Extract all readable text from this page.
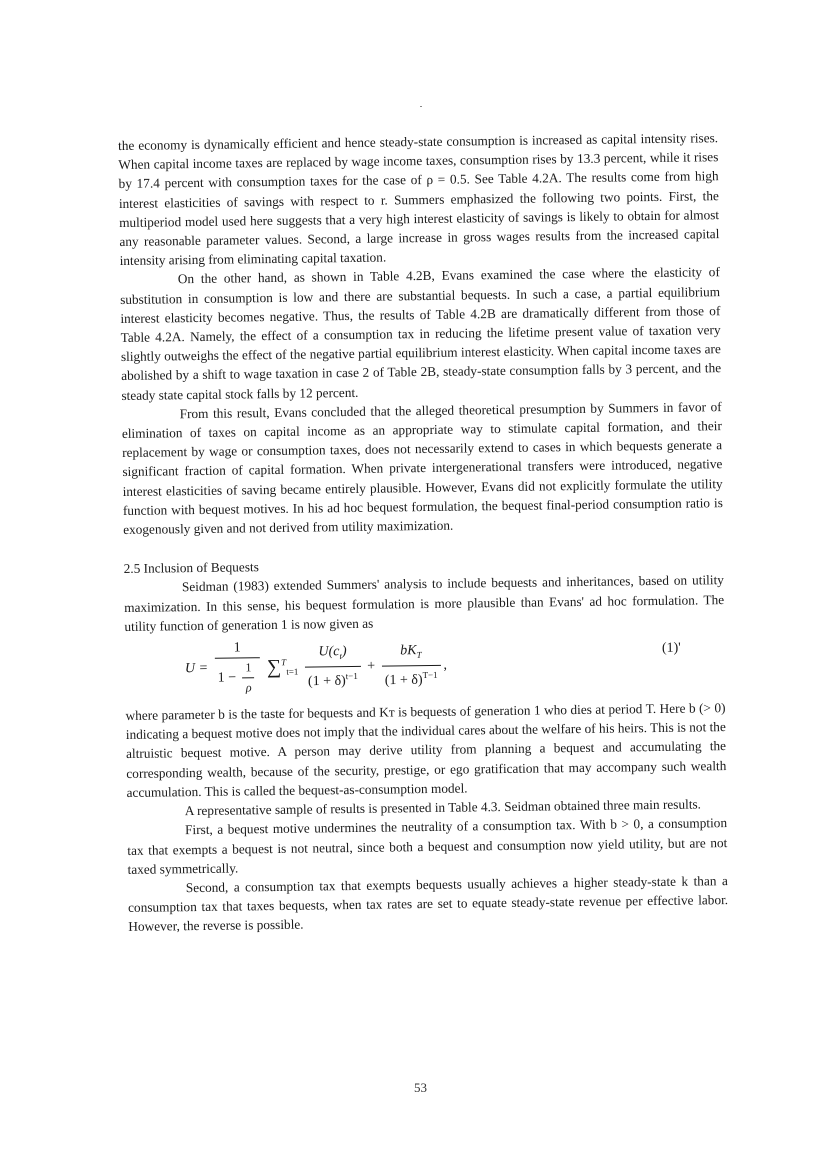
the economy is dynamically efficient and hence steady-state consumption is increased as capital intensity rises. When capital income taxes are replaced by wage income taxes, consumption rises by 13.3 percent, while it rises by 17.4 percent with consumption taxes for the case of ρ = 0.5. See Table 4.2A. The results come from high interest elasticities of savings with respect to r. Summers emphasized the following two points. First, the multiperiod model used here suggests that a very high interest elasticity of savings is likely to obtain for almost any reasonable parameter values. Second, a large increase in gross wages results from the increased capital intensity arising from eliminating capital taxation.

On the other hand, as shown in Table 4.2B, Evans examined the case where the elasticity of substitution in consumption is low and there are substantial bequests. In such a case, a partial equilibrium interest elasticity becomes negative. Thus, the results of Table 4.2B are dramatically different from those of Table 4.2A. Namely, the effect of a consumption tax in reducing the lifetime present value of taxation very slightly outweighs the effect of the negative partial equilibrium interest elasticity. When capital income taxes are abolished by a shift to wage taxation in case 2 of Table 2B, steady-state consumption falls by 3 percent, and the steady state capital stock falls by 12 percent.

From this result, Evans concluded that the alleged theoretical presumption by Summers in favor of elimination of taxes on capital income as an appropriate way to stimulate capital formation, and their replacement by wage or consumption taxes, does not necessarily extend to cases in which bequests generate a significant fraction of capital formation. When private intergenerational transfers were introduced, negative interest elasticities of saving became entirely plausible. However, Evans did not explicitly formulate the utility function with bequest motives. In his ad hoc bequest formulation, the bequest final-period consumption ratio is exogenously given and not derived from utility maximization.

2.5 Inclusion of Bequests

Seidman (1983) extended Summers' analysis to include bequests and inheritances, based on utility maximization. In this sense, his bequest formulation is more plausible than Evans' ad hoc formulation. The utility function of generation 1 is now given as

$U = \frac{1}{1 - \frac{1}{\rho}} \sum^T_{t=1} \frac{U(c_t)}{(1 + \delta)^{t-1}} + \frac{bK_T}{(1 + \delta)^{T-1}}$ ,
(1)'

where parameter b is the taste for bequests and Kᴛ is bequests of generation 1 who dies at period T. Here b (> 0) indicating a bequest motive does not imply that the individual cares about the welfare of his heirs. This is not the altruistic bequest motive. A person may derive utility from planning a bequest and accumulating the corresponding wealth, because of the security, prestige, or ego gratification that may accompany such wealth accumulation. This is called the bequest-as-consumption model.

A representative sample of results is presented in Table 4.3. Seidman obtained three main results.

First, a bequest motive undermines the neutrality of a consumption tax. With b > 0, a consumption tax that exempts a bequest is not neutral, since both a bequest and consumption now yield utility, but are not taxed symmetrically.

Second, a consumption tax that exempts bequests usually achieves a higher steady-state k than a consumption tax that taxes bequests, when tax rates are set to equate steady-state revenue per effective labor. However, the reverse is possible.

53
